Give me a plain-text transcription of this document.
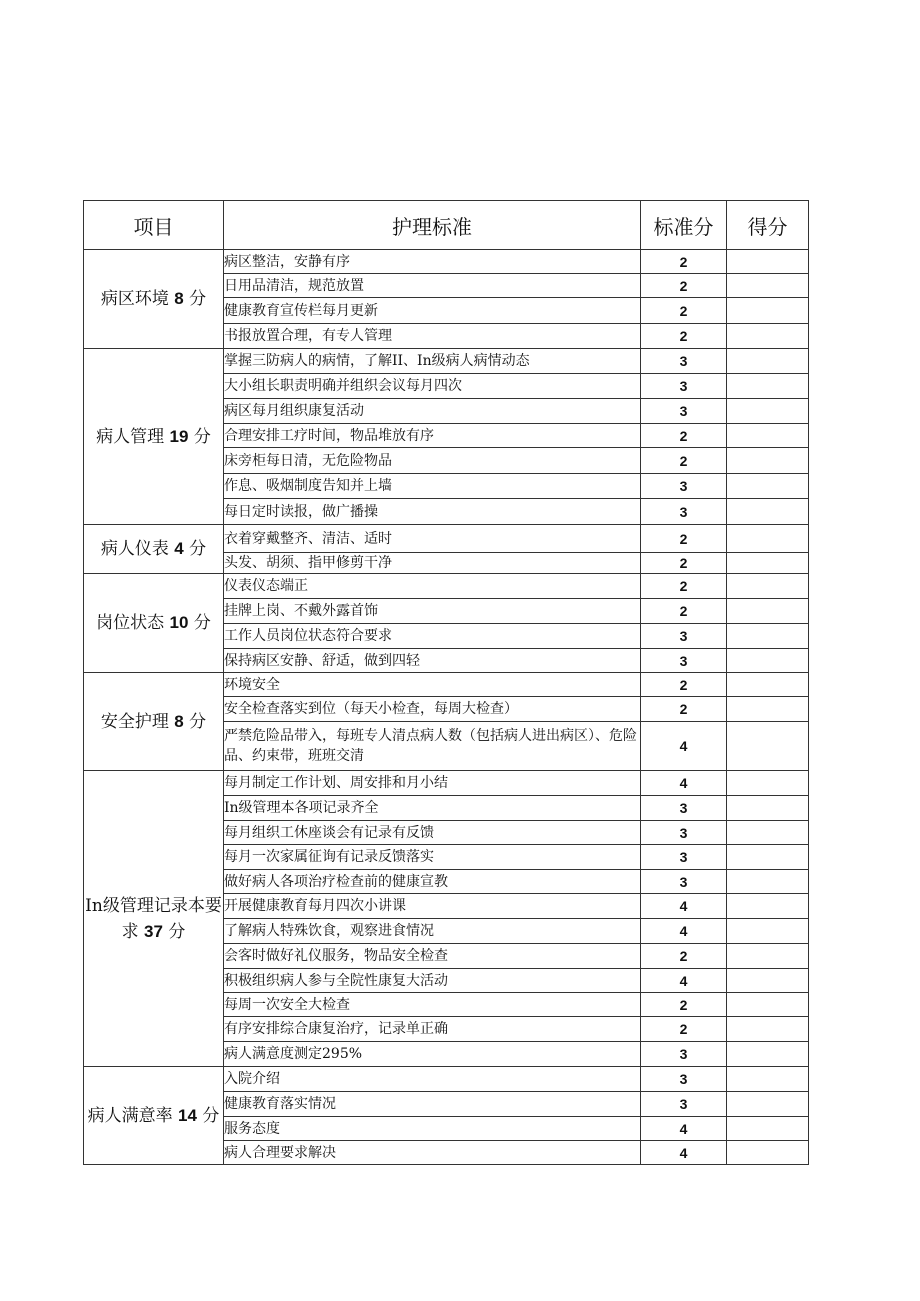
项目	护理标准	标准分	得分
病区环境 8 分	病区整洁，安静有序	2	
	日用品清洁，规范放置	2	
	健康教育宣传栏每月更新	2	
	书报放置合理，有专人管理	2	
病人管理 19 分	掌握三防病人的病情，了解II、In级病人病情动态	3	
	大小组长职责明确并组织会议每月四次	3	
	病区每月组织康复活动	3	
	合理安排工疗时间，物品堆放有序	2	
	床旁柜每日清，无危险物品	2	
	作息、吸烟制度告知并上墙	3	
	每日定时读报，做广播操	3	
病人仪表 4 分	衣着穿戴整齐、清洁、适时	2	
	头发、胡须、指甲修剪干净	2	
岗位状态 10 分	仪表仪态端正	2	
	挂牌上岗、不戴外露首饰	2	
	工作人员岗位状态符合要求	3	
	保持病区安静、舒适，做到四轻	3	
安全护理 8 分	环境安全	2	
	安全检查落实到位（每天小检查，每周大检查）	2	
	严禁危险品带入，每班专人清点病人数（包括病人进出病区）、危险品、约束带，班班交清	4	
In级管理记录本要求 37 分	每月制定工作计划、周安排和月小结	4	
	In级管理本各项记录齐全	3	
	每月组织工休座谈会有记录有反馈	3	
	每月一次家属征询有记录反馈落实	3	
	做好病人各项治疗检查前的健康宣教	3	
	开展健康教育每月四次小讲课	4	
	了解病人特殊饮食，观察进食情况	4	
	会客时做好礼仪服务，物品安全检查	2	
	积极组织病人参与全院性康复大活动	4	
	每周一次安全大检查	2	
	有序安排综合康复治疗，记录单正确	2	
	病人满意度测定295%	3	
病人满意率 14 分	入院介绍	3	
	健康教育落实情况	3	
	服务态度	4	
	病人合理要求解决	4	
